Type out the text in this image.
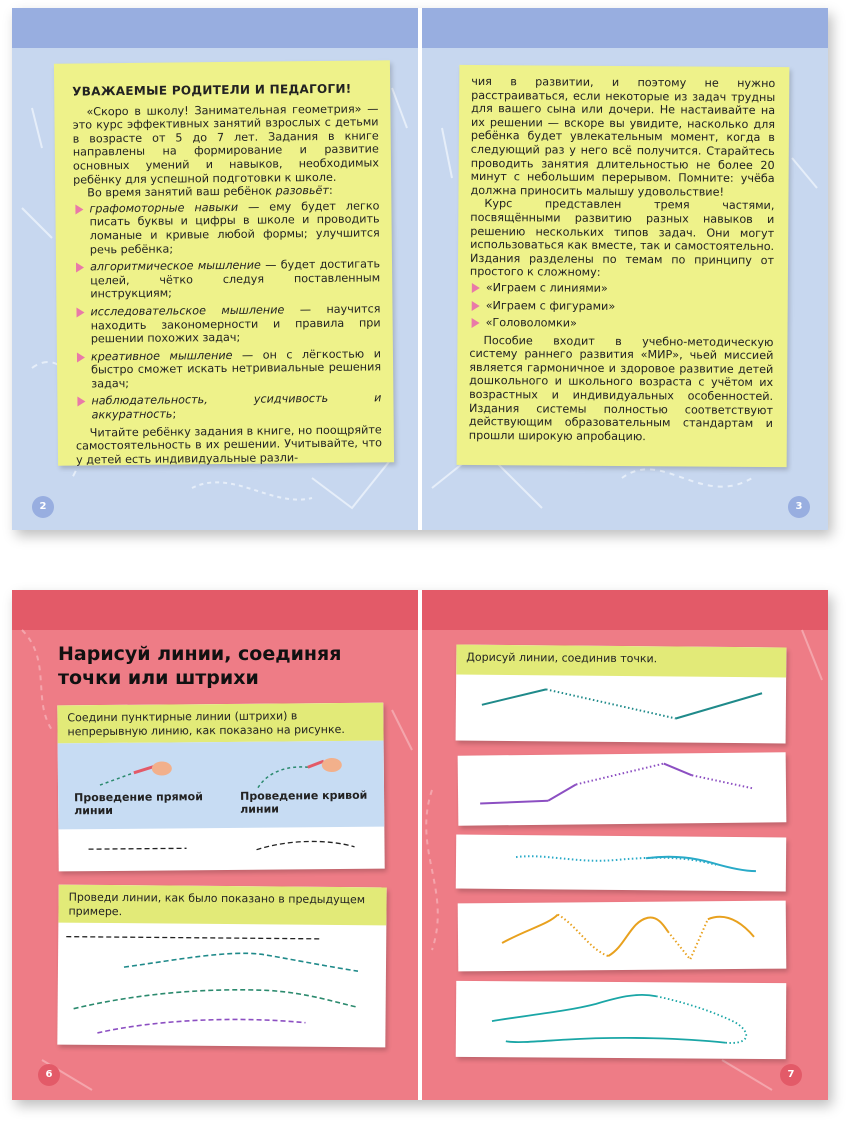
УВАЖАЕМЫЕ РОДИТЕЛИ И ПЕДАГОГИ!

«Скоро в школу! Занимательная геометрия» — это курс эффективных занятий взрослых с детьми в возрасте от 5 до 7 лет. Задания в книге направлены на формирование и развитие основных умений и навыков, необходимых ребёнку для успешной подготовки к школе.

Во время занятий ваш ребёнок разовьёт:

графомоторные навыки — ему будет легко писать буквы и цифры в школе и проводить ломаные и кривые любой формы; улучшится речь ребёнка;
алгоритмическое мышление — будет достигать целей, чётко следуя поставленным инструкциям;
исследовательское мышление — научится находить закономерности и правила при решении похожих задач;
креативное мышление — он с лёгкостью и быстро сможет искать нетривиальные решения задач;
наблюдательность, усидчивость и аккуратность;

Читайте ребёнку задания в книге, но поощряйте самостоятельность в их решении. Учитывайте, что у детей есть индивидуальные разли-

2

чия в развитии, и поэтому не нужно расстраиваться, если некоторые из задач трудны для вашего сына или дочери. Не настаивайте на их решении — вскоре вы увидите, насколько для ребёнка будет увлекательным момент, когда в следующий раз у него всё получится. Старайтесь проводить занятия длительностью не более 20 минут с небольшим перерывом. Помните: учёба должна приносить малышу удовольствие!

Курс представлен тремя частями, посвящёнными развитию разных навыков и решению нескольких типов задач. Они могут использоваться как вместе, так и самостоятельно. Издания разделены по темам по принципу от простого к сложному:

«Играем с линиями»
«Играем с фигурами»
«Головоломки»

Пособие входит в учебно-методическую систему раннего развития «МИР», чьей миссией является гармоничное и здоровое развитие детей дошкольного и школьного возраста с учётом их возрастных и индивидуальных особенностей. Издания системы полностью соответствуют действующим образовательным стандартам и прошли широкую апробацию.

3
Нарисуй линии, соединяя
точки или штрихи
Соедини пунктирные линии (штрихи) в непрерывную линию, как показано на рисунке.
Проведение прямой
линии
Проведение кривой
линии
Проведи линии, как было показано в предыдущем примере.
6
Дорисуй линии, соединив точки.
7
